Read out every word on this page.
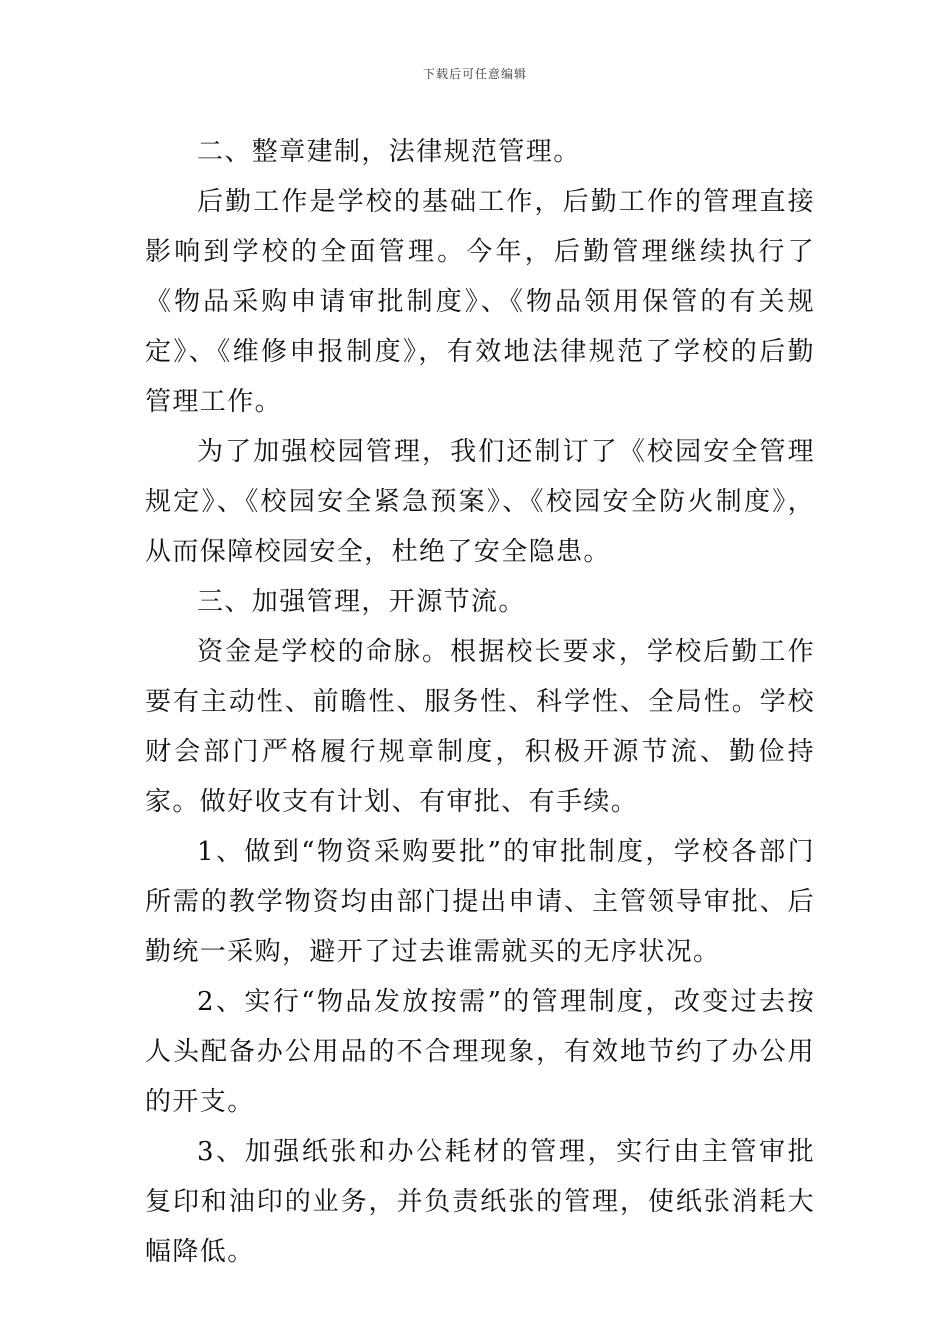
下载后可任意编辑

二、整章建制，法律规范管理。

后勤工作是学校的基础工作，后勤工作的管理直接影响到学校的全面管理。今年，后勤管理继续执行了《物品采购申请审批制度》、《物品领用保管的有关规定》、《维修申报制度》，有效地法律规范了学校的后勤管理工作。

为了加强校园管理，我们还制订了《校园安全管理规定》、《校园安全紧急预案》、《校园安全防火制度》，从而保障校园安全，杜绝了安全隐患。

三、加强管理，开源节流。

资金是学校的命脉。根据校长要求，学校后勤工作要有主动性、前瞻性、服务性、科学性、全局性。学校财会部门严格履行规章制度，积极开源节流、勤俭持家。做好收支有计划、有审批、有手续。

1、做到“物资采购要批”的审批制度，学校各部门所需的教学物资均由部门提出申请、主管领导审批、后勤统一采购，避开了过去谁需就买的无序状况。

2、实行“物品发放按需”的管理制度，改变过去按人头配备办公用品的不合理现象，有效地节约了办公用的开支。

3、加强纸张和办公耗材的管理，实行由主管审批复印和油印的业务，并负责纸张的管理，使纸张消耗大幅降低。
